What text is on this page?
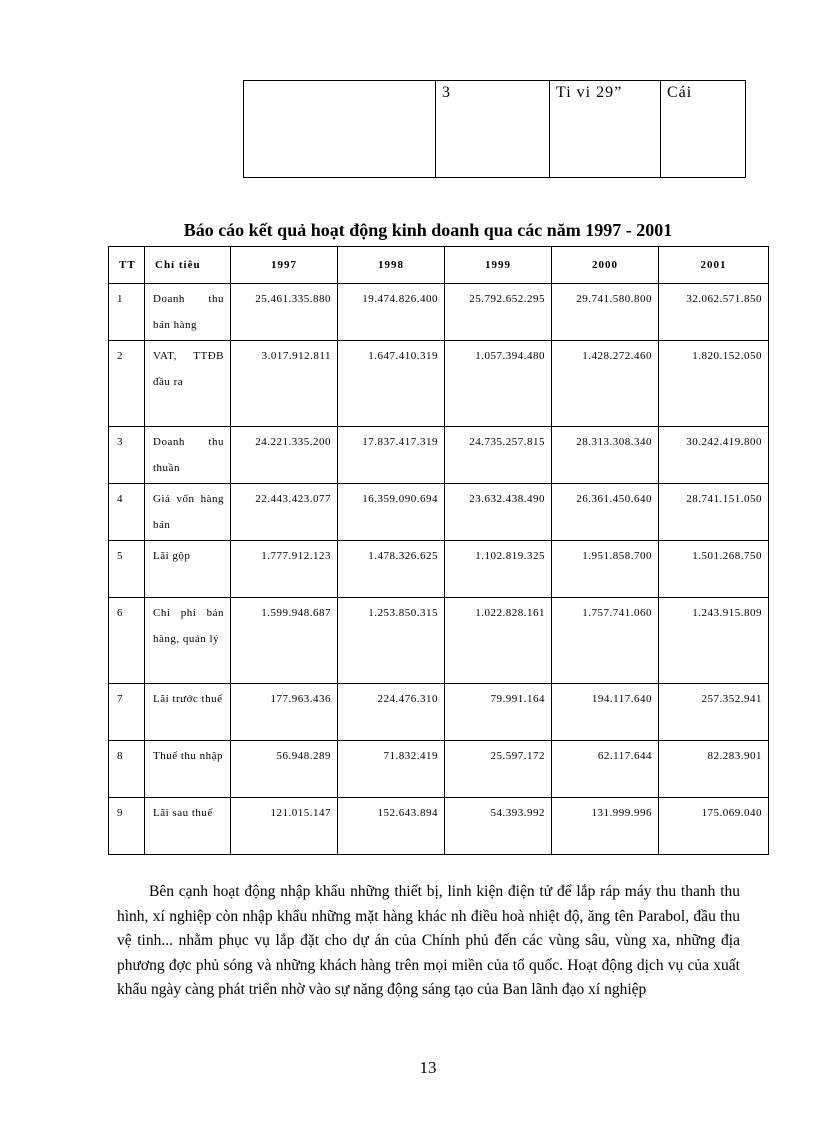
	3	Ti vi 29”	Cái
Báo cáo kết quả hoạt động kinh doanh qua các năm 1997 - 2001
TT	Chỉ tiêu	1997	1998	1999	2000	2001
1	Doanh thu bán hàng	25.461.335.880	19.474.826.400	25.792.652.295	29.741.580.800	32.062.571.850
2	VAT, TTĐB đầu ra	3.017.912.811	1.647.410.319	1.057.394.480	1.428.272.460	1.820.152.050
3	Doanh thu thuần	24.221.335.200	17.837.417.319	24.735.257.815	28.313.308.340	30.242.419.800
4	Giá vốn hàng bán	22.443.423.077	16.359.090.694	23.632.438.490	26.361.450.640	28.741.151.050
5	Lãi gộp	1.777.912.123	1.478.326.625	1.102.819.325	1.951.858.700	1.501.268.750
6	Chi phí bán hàng, quản lý	1.599.948.687	1.253.850.315	1.022.828.161	1.757.741.060	1.243.915.809
7	Lãi trước thuế	177.963.436	224.476.310	79.991.164	194.117.640	257.352.941
8	Thuế thu nhập	56.948.289	71.832.419	25.597.172	62.117.644	82.283.901
9	Lãi sau thuế	121.015.147	152.643.894	54.393.992	131.999.996	175.069.040
Bên cạnh hoạt động nhập khẩu những thiết bị, linh kiện điện tử để lắp ráp máy thu thanh thu hình, xí nghiệp còn nhập khẩu những mặt hàng khác nh điều hoà nhiệt độ, ăng tên Parabol, đầu thu vệ tinh... nhằm phục vụ lắp đặt cho dự án của Chính phủ đến các vùng sâu, vùng xa, những địa phương đợc phủ sóng và những khách hàng trên mọi miền của tổ quốc. Hoạt động dịch vụ của xuất khẩu ngày càng phát triển nhờ vào sự năng động sáng tạo của Ban lãnh đạo xí nghiệp
13
